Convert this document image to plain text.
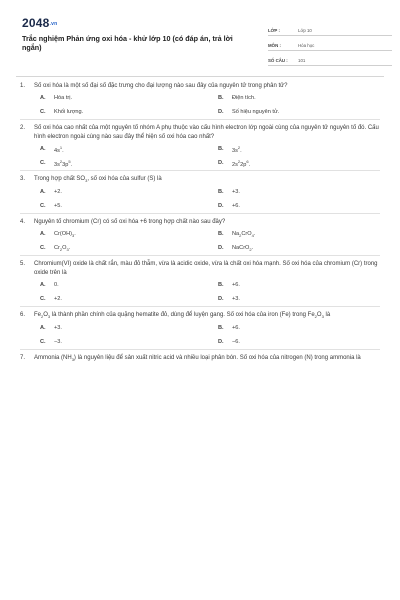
2048.vn
Trắc nghiệm Phản ứng oxi hóa - khử lớp 10 (có đáp án, trả lời ngắn)
LỚP :	Lớp 10
MÔN :	Hóa học
SỐ CÂU :	101
1.	Số oxi hóa là một số đại số đặc trưng cho đại lượng nào sau đây của nguyên tử trong phân tử?
A.	Hóa trị.	B.	Điện tích.
C.	Khối lượng.	D.	Số hiệu nguyên tử.
2.	Số oxi hóa cao nhất của một nguyên tố nhóm A phụ thuộc vào cấu hình electron lớp ngoài cùng của nguyên tử nguyên tố đó. Cấu hình electron ngoài cùng nào sau đây thể hiện số oxi hóa cao nhất?
A.	$4s^1$.	B.	$3s^2$.
C.	$3s^23p^5$.	D.	$2s^22p^6$.
3.	Trong hợp chất $SO_3$, số oxi hóa của sulfur (S) là
A.	+2.	B.	+3.
C.	+5.	D.	+6.
4.	Nguyên tố chromium (Cr) có số oxi hóa +6 trong hợp chất nào sau đây?
A.	$Cr(OH)_3$.	B.	$Na_2CrO_4$.
C.	$Cr_2O_3$.	D.	NaCrO$_2$.
5.	Chromium(VI) oxide là chất rắn, màu đỏ thẫm, vừa là acidic oxide, vừa là chất oxi hóa mạnh. Số oxi hóa của chromium (Cr) trong oxide trên là
A.	0.	B.	+6.
C.	+2.	D.	+3.
6.	$Fe_2O_3$ là thành phần chính của quặng hematite đỏ, dùng để luyện gang. Số oxi hóa của iron (Fe) trong $Fe_2O_3$ là
A.	+3.	B.	+6.
C.	−3.	D.	−6.
7.	Ammonia $(NH_3)$ là nguyên liệu để sản xuất nitric acid và nhiều loại phân bón. Số oxi hóa của nitrogen (N) trong ammonia là
